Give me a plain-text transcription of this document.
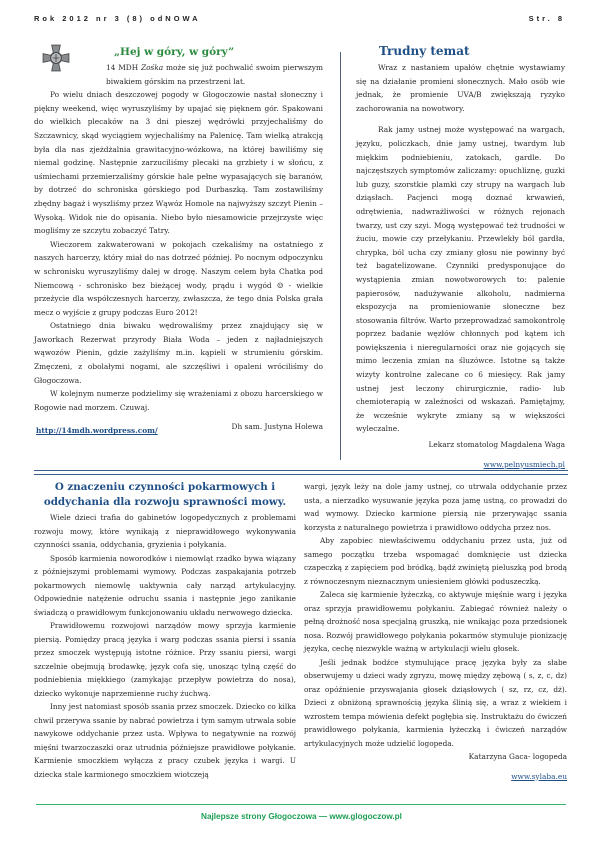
Rok 2012 nr 3 (8) odNOWA	Str. 8
„Hej w góry, w góry”

14 MDH Zośka może się już pochwalić swoim pierwszym biwakiem górskim na przestrzeni lat.

Po wielu dniach deszczowej pogody w Głogoczowie nastał słoneczny i piękny weekend, więc wyruszyliśmy by upajać się pięknem gór. Spakowani do wielkich plecaków na 3 dni pieszej wędrówki przyjechaliśmy do Szczawnicy, skąd wyciągiem wyjechaliśmy na Palenicę. Tam wielką atrakcją była dla nas zjeżdżalnia grawitacyjno-wózkowa, na której bawiliśmy się niemal godzinę. Następnie zarzuciliśmy plecaki na grzbiety i w słońcu, z uśmiechami przemierzaliśmy górskie hale pełne wypasających się baranów, by dotrzeć do schroniska górskiego pod Durbaszką. Tam zostawiliśmy zbędny bagaż i wyszliśmy przez Wąwóz Homole na najwyższy szczyt Pienin – Wysoką. Widok nie do opisania. Niebo było niesamowicie przejrzyste więc mogliśmy ze szczytu zobaczyć Tatry.

Wieczorem zakwaterowani w pokojach czekaliśmy na ostatniego z naszych harcerzy, który miał do nas dotrzeć później. Po nocnym odpoczynku w schronisku wyruszyliśmy dalej w drogę. Naszym celem była Chatka pod Niemcową - schronisko bez bieżącej wody, prądu i wygód ☺ - wielkie przeżycie dla współczesnych harcerzy, zwłaszcza, że tego dnia Polska grała mecz o wyjście z grupy podczas Euro 2012!

Ostatniego dnia biwaku wędrowaliśmy przez znajdujący się w Jaworkach Rezerwat przyrody Biała Woda – jeden z najładniejszych wąwozów Pienin, gdzie zażyliśmy m.in. kąpieli w strumieniu górskim. Zmęczeni, z obolałymi nogami, ale szczęśliwi i opaleni wróciliśmy do Głogoczowa.

W kolejnym numerze podzielimy się wrażeniami z obozu harcerskiego w Rogowie nad morzem. Czuwaj.

http://14mdh.wordpress.com/	Dh sam. Justyna Holewa
Trudny temat

Wraz z nastaniem upałów chętnie wystawiamy się na działanie promieni słonecznych. Mało osób wie jednak, że promienie UVA/B zwiększają ryzyko zachorowania na nowotwory.

Rak jamy ustnej może występować na wargach, języku, policzkach, dnie jamy ustnej, twardym lub miękkim podniebieniu, zatokach, gardle. Do najczęstszych symptomów zaliczamy: opuchliznę, guzki lub guzy, szorstkie plamki czy strupy na wargach lub dziąsłach. Pacjenci mogą doznać krwawień, odrętwienia, nadwrażliwości w różnych rejonach twarzy, ust czy szyi. Mogą występować też trudności w żuciu, mowie czy przełykaniu. Przewlekły ból gardła, chrypka, ból ucha czy zmiany głosu nie powinny być też bagatelizowane. Czynniki predysponujące do wystąpienia zmian nowotworowych to: palenie papierosów, nadużywanie alkoholu, nadmierna ekspozycja na promieniowanie słoneczne bez stosowania filtrów. Warto przeprowadzać samokontrolę poprzez badanie węzłów chłonnych pod kątem ich powiększenia i nieregularności oraz nie gojących się mimo leczenia zmian na śluzówce. Istotne są także wizyty kontrolne zalecane co 6 miesięcy. Rak jamy ustnej jest leczony chirurgicznie, radio- lub chemioterapią w zależności od wskazań. Pamiętajmy, że wcześnie wykryte zmiany są w większości wyleczalne.

Lekarz stomatolog Magdalena Waga
www.pelnyusmiech.pl
O znaczeniu czynności pokarmowych i oddychania dla rozwoju sprawności mowy.

Wiele dzieci trafia do gabinetów logopedycznych z problemami rozwoju mowy, które wynikają z nieprawidłowego wykonywania czynności ssania, oddychania, gryzienia i połykania.

Sposób karmienia noworodków i niemowląt rzadko bywa wiązany z późniejszymi problemami wymowy. Podczas zaspakajania potrzeb pokarmowych niemowlę uaktywnia cały narząd artykulacyjny. Odpowiednie natężenie odruchu ssania i następnie jego zanikanie świadczą o prawidłowym funkcjonowaniu układu nerwowego dziecka.

Prawidłowemu rozwojowi narządów mowy sprzyja karmienie piersią. Pomiędzy pracą języka i warg podczas ssania piersi i ssania przez smoczek występują istotne różnice. Przy ssaniu piersi, wargi szczelnie obejmują brodawkę, język cofa się, unosząc tylną część do podniebienia miękkiego (zamykając przepływ powietrza do nosa), dziecko wykonuje naprzemienne ruchy żuchwą.

Inny jest natomiast sposób ssania przez smoczek. Dziecko co kilka chwil przerywa ssanie by nabrać powietrza i tym samym utrwala sobie nawykowe oddychanie przez usta. Wpływa to negatywnie na rozwój mięśni twarzoczaszki oraz utrudnia późniejsze prawidłowe połykanie. Karmienie smoczkiem wyłącza z pracy czubek języka i wargi. U dziecka stale karmionego smoczkiem wiotczeją

wargi, język leży na dole jamy ustnej, co utrwala oddychanie przez usta, a nierzadko wysuwanie języka poza jamę ustną, co prowadzi do wad wymowy. Dziecko karmione piersią nie przerywając ssania korzysta z naturalnego powietrza i prawidłowo oddycha przez nos.

Aby zapobiec niewłaściwemu oddychaniu przez usta, już od samego początku trzeba wspomagać domknięcie ust dziecka czapeczką z zapięciem pod bródką, bądź zwiniętą pieluszką pod brodą z równoczesnym nieznacznym uniesieniem główki poduszeczką.

Zaleca się karmienie łyżeczką, co aktywuje mięśnie warg i języka oraz sprzyja prawidłowemu połykaniu. Zabiegać również należy o pełną drożność nosa specjalną gruszką, nie wnikając poza przedsionek nosa. Rozwój prawidłowego połykania pokarmów stymuluje pionizację języka, cechę niezwykle ważną w artykulacji wielu głosek.

Jeśli jednak bodźce stymulujące pracę języka były za słabe obserwujemy u dzieci wady zgryzu, mowę między zębową ( s, z, c, dz) oraz opóźnienie przyswajania głosek dziąsłowych ( sz, rz, cz, dż). Dzieci z obniżoną sprawnością języka ślinią się, a wraz z wiekiem i wzrostem tempa mówienia defekt pogłębia się. Instruktażu do ćwiczeń prawidłowego połykania, karmienia łyżeczką i ćwiczeń narządów artykulacyjnych może udzielić logopeda.

Katarzyna Gaca- logopeda
www.sylaba.eu
Najlepsze strony Głogoczowa — www.glogoczow.pl
